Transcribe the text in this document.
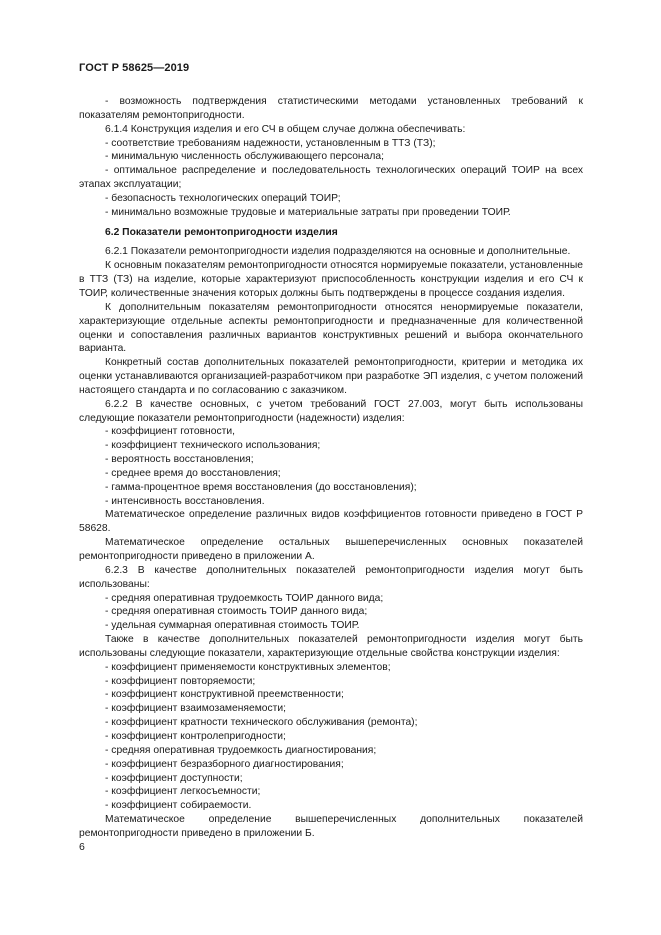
ГОСТ Р 58625—2019

- возможность подтверждения статистическими методами установленных требований к показателям ремонтопригодности.

6.1.4 Конструкция изделия и его СЧ в общем случае должна обеспечивать:

- соответствие требованиям надежности, установленным в ТТЗ (ТЗ);

- минимальную численность обслуживающего персонала;

- оптимальное распределение и последовательность технологических операций ТОИР на всех этапах эксплуатации;

- безопасность технологических операций ТОИР;

- минимально возможные трудовые и материальные затраты при проведении ТОИР.

6.2 Показатели ремонтопригодности изделия

6.2.1 Показатели ремонтопригодности изделия подразделяются на основные и дополнительные.

К основным показателям ремонтопригодности относятся нормируемые показатели, установленные в ТТЗ (ТЗ) на изделие, которые характеризуют приспособленность конструкции изделия и его СЧ к ТОИР, количественные значения которых должны быть подтверждены в процессе создания изделия.

К дополнительным показателям ремонтопригодности относятся ненормируемые показатели, характеризующие отдельные аспекты ремонтопригодности и предназначенные для количественной оценки и сопоставления различных вариантов конструктивных решений и выбора окончательного варианта.

Конкретный состав дополнительных показателей ремонтопригодности, критерии и методика их оценки устанавливаются организацией-разработчиком при разработке ЭП изделия, с учетом положений настоящего стандарта и по согласованию с заказчиком.

6.2.2 В качестве основных, с учетом требований ГОСТ 27.003, могут быть использованы следующие показатели ремонтопригодности (надежности) изделия:

- коэффициент готовности,

- коэффициент технического использования;

- вероятность восстановления;

- среднее время до восстановления;

- гамма-процентное время восстановления (до восстановления);

- интенсивность восстановления.

Математическое определение различных видов коэффициентов готовности приведено в ГОСТ Р 58628.

Математическое определение остальных вышеперечисленных основных показателей ремонтопригодности приведено в приложении А.

6.2.3 В качестве дополнительных показателей ремонтопригодности изделия могут быть использованы:

- средняя оперативная трудоемкость ТОИР данного вида;

- средняя оперативная стоимость ТОИР данного вида;

- удельная суммарная оперативная стоимость ТОИР.

Также в качестве дополнительных показателей ремонтопригодности изделия могут быть использованы следующие показатели, характеризующие отдельные свойства конструкции изделия:

- коэффициент применяемости конструктивных элементов;

- коэффициент повторяемости;

- коэффициент конструктивной преемственности;

- коэффициент взаимозаменяемости;

- коэффициент кратности технического обслуживания (ремонта);

- коэффициент контролепригодности;

- средняя оперативная трудоемкость диагностирования;

- коэффициент безразборного диагностирования;

- коэффициент доступности;

- коэффициент легкосъемности;

- коэффициент собираемости.

Математическое определение вышеперечисленных дополнительных показателей ремонтопригодности приведено в приложении Б.

6
